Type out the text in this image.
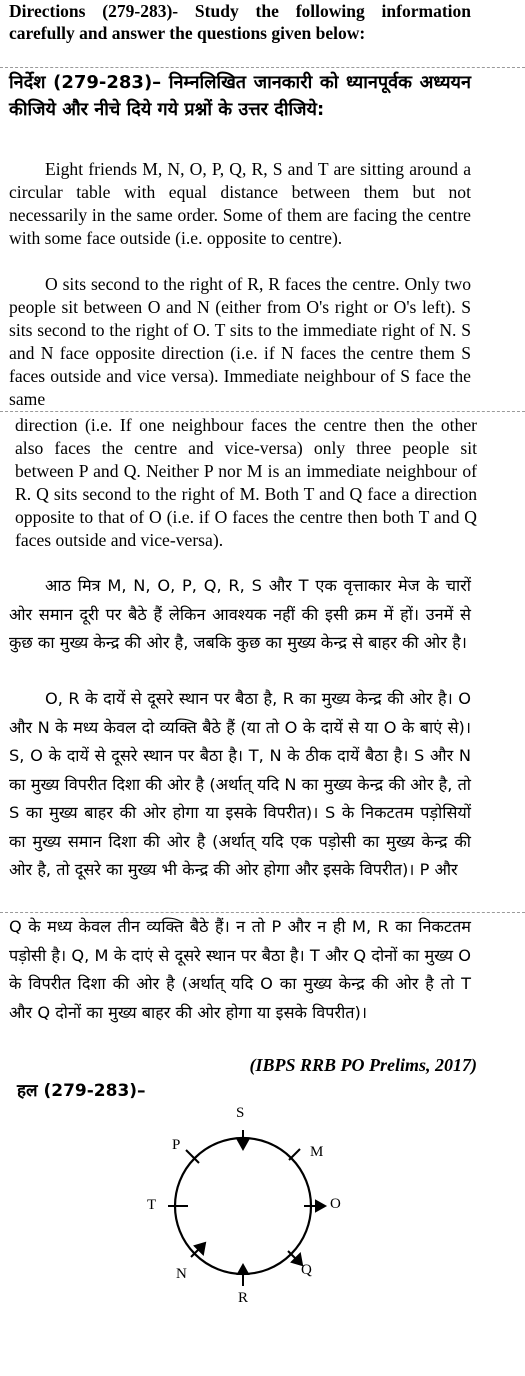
Directions (279-283)- Study the following information carefully and answer the questions given below:
निर्देश (279-283)– निम्नलिखित जानकारी को ध्यानपूर्वक अध्ययन कीजिये और नीचे दिये गये प्रश्नों के उत्तर दीजिये:
Eight friends M, N, O, P, Q, R, S and T are sitting around a circular table with equal distance between them but not necessarily in the same order. Some of them are facing the centre with some face outside (i.e. opposite to centre).
O sits second to the right of R, R faces the centre. Only two people sit between O and N (either from O's right or O's left). S sits second to the right of O. T sits to the immediate right of N. S and N face opposite direction (i.e. if N faces the centre them S faces outside and vice versa). Immediate neighbour of S face the same
direction (i.e. If one neighbour faces the centre then the other also faces the centre and vice-versa) only three people sit between P and Q. Neither P nor M is an immediate neighbour of R. Q sits second to the right of M. Both T and Q face a direction opposite to that of O (i.e. if O faces the centre then both T and Q faces outside and vice-versa).
आठ मित्र M, N, O, P, Q, R, S और T एक वृत्ताकार मेज के चारों ओर समान दूरी पर बैठे हैं लेकिन आवश्यक नहीं की इसी क्रम में हों। उनमें से कुछ का मुख्य केन्द्र की ओर है, जबकि कुछ का मुख्य केन्द्र से बाहर की ओर है।
O, R के दायें से दूसरे स्थान पर बैठा है, R का मुख्य केन्द्र की ओर है। O और N के मध्य केवल दो व्यक्ति बैठे हैं (या तो O के दायें से या O के बाएं से)। S, O के दायें से दूसरे स्थान पर बैठा है। T, N के ठीक दायें बैठा है। S और N का मुख्य विपरीत दिशा की ओर है (अर्थात् यदि N का मुख्य केन्द्र की ओर है, तो S का मुख्य बाहर की ओर होगा या इसके विपरीत)। S के निकटतम पड़ोसियों का मुख्य समान दिशा की ओर है (अर्थात् यदि एक पड़ोसी का मुख्य केन्द्र की ओर है, तो दूसरे का मुख्य भी केन्द्र की ओर होगा और इसके विपरीत)। P और
Q के मध्य केवल तीन व्यक्ति बैठे हैं। न तो P और न ही M, R का निकटतम पड़ोसी है। Q, M के दाएं से दूसरे स्थान पर बैठा है। T और Q दोनों का मुख्य O के विपरीत दिशा की ओर है (अर्थात् यदि O का मुख्य केन्द्र की ओर है तो T और Q दोनों का मुख्य बाहर की ओर होगा या इसके विपरीत)।
(IBPS RRB PO Prelims, 2017)
हल (279-283)–
S
M
O
Q
R
N
T
P
